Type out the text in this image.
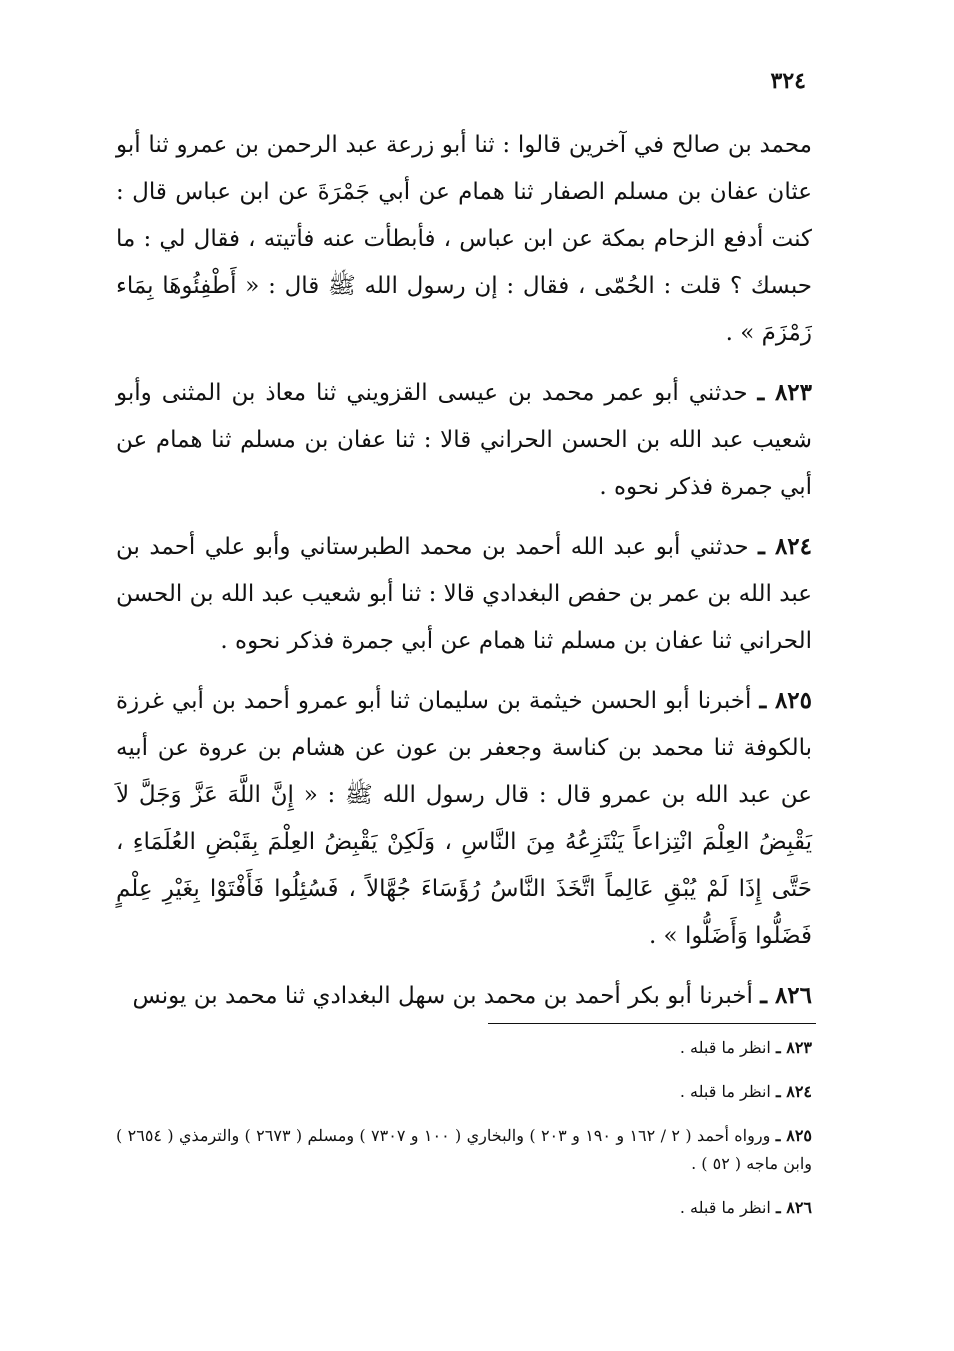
٣٢٤

محمد بن صالح في آخرين قالوا : ثنا أبو زرعة عبد الرحمن بن عمرو ثنا أبو عثان عفان بن مسلم الصفار ثنا همام عن أبي جَمْرَةَ عن ابن عباس قال : كنت أدفع الزحام بمكة عن ابن عباس ، فأبطأت عنه فأتيته ، فقال لي : ما حبسك ؟ قلت : الحُمّى ، فقال : إن رسول الله ﷺ قال : « أَطْفِئُوهَا بِمَاء زَمْزَمَ » .

٨٢٣ ـ حدثني أبو عمر محمد بن عيسى القزويني ثنا معاذ بن المثنى وأبو شعيب عبد الله بن الحسن الحراني قالا : ثنا عفان بن مسلم ثنا همام عن أبي جمرة فذكر نحوه .

٨٢٤ ـ حدثني أبو عبد الله أحمد بن محمد الطبرستاني وأبو علي أحمد بن عبد الله بن عمر بن حفص البغدادي قالا : ثنا أبو شعيب عبد الله بن الحسن الحراني ثنا عفان بن مسلم ثنا همام عن أبي جمرة فذكر نحوه .

٨٢٥ ـ أخبرنا أبو الحسن خيثمة بن سليمان ثنا أبو عمرو أحمد بن أبي غرزة بالكوفة ثنا محمد بن كناسة وجعفر بن عون عن هشام بن عروة عن أبيه عن عبد الله بن عمرو قال : قال رسول الله ﷺ : « إِنَّ اللَّهَ عَزَّ وَجَلَّ لاَ يَقْبِضُ العِلْمَ انْتِزاعاً يَنْتَزِعُهُ مِنَ النَّاسِ ، وَلَكِنْ يَقْبِضُ العِلْمَ بِقَبْضِ العُلَمَاءِ ، حَتَّى إِذَا لَمْ يُبْقِ عَالِماً اتَّخَذَ النَّاسُ رُؤَسَاءَ جُهَّالاً ، فَسُئِلُوا فَأَفْتَوْا بِغَيْرِ عِلْمٍ فَضَلُّوا وَأَضَلُّوا » .

٨٢٦ ـ أخبرنا أبو بكر أحمد بن محمد بن سهل البغدادي ثنا محمد بن يونس

٨٢٣ ـ انظر ما قبله .

٨٢٤ ـ انظر ما قبله .

٨٢٥ ـ ورواه أحمد ( ٢ / ١٦٢ و ١٩٠ و ٢٠٣ ) والبخاري ( ١٠٠ و ٧٣٠٧ ) ومسلم ( ٢٦٧٣ ) والترمذي ( ٢٦٥٤ ) وابن ماجه ( ٥٢ ) .

٨٢٦ ـ انظر ما قبله .
